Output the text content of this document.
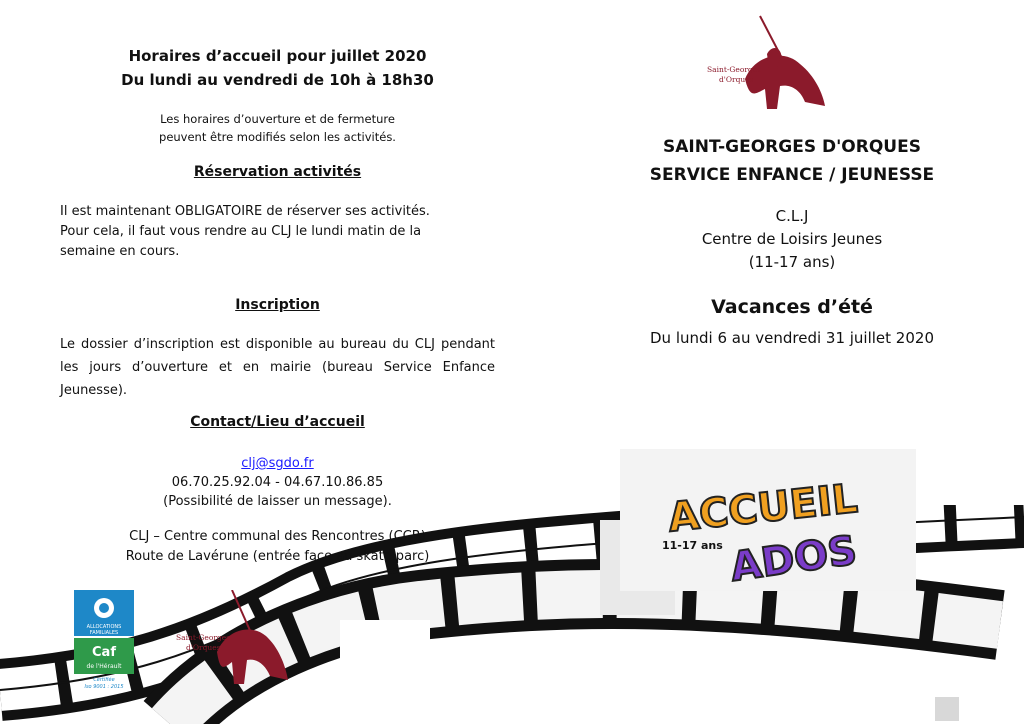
Horaires d’accueil pour juillet 2020
Du lundi au vendredi de 10h à 18h30
Les horaires d’ouverture et de fermeture
peuvent être modifiés selon les activités.
Réservation activités
Il est maintenant OBLIGATOIRE de réserver ses activités.
Pour cela, il faut vous rendre au CLJ le lundi matin de la
semaine en cours.
Inscription
Le dossier d’inscription est disponible au bureau du CLJ pendant les jours d’ouverture et en mairie (bureau Service Enfance Jeunesse).
Contact/Lieu d’accueil
clj@sgdo.fr
06.70.25.92.04 - 04.67.10.86.85
(Possibilité de laisser un message).
CLJ – Centre communal des Rencontres (CCR)
Route de Lavérune (entrée face au skate parc)
SAINT-GEORGES D'ORQUES
SERVICE ENFANCE / JEUNESSE
C.L.J
Centre de Loisirs Jeunes
(11-17 ans)
Vacances d’été
Du lundi 6 au vendredi 31 juillet 2020
Saint-Georges
d'Orques
ACCUEIL
ADOS
11-17 ans
ALLOCATIONS
FAMILIALES
Caf
de l'Hérault
Certifiée
Iso 9001 : 2015
Saint-Georges
d'Orques
